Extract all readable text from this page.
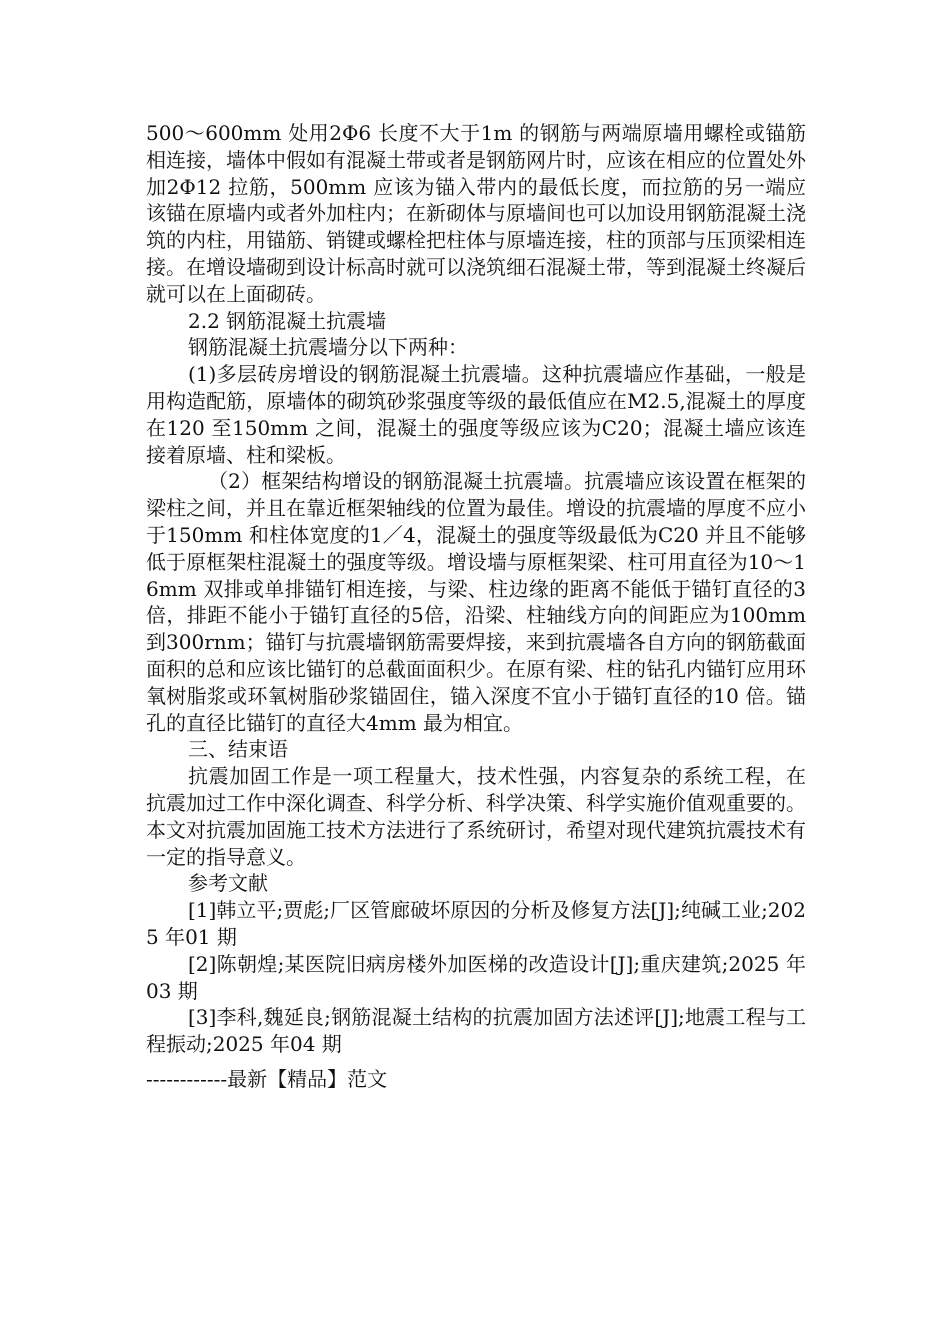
500～600mm 处用2Φ6 长度不大于1m 的钢筋与两端原墙用螺栓或锚筋相连接，墙体中假如有混凝土带或者是钢筋网片时，应该在相应的位置处外加2Φ12 拉筋，500mm 应该为锚入带内的最低长度，而拉筋的另一端应该锚在原墙内或者外加柱内；在新砌体与原墙间也可以加设用钢筋混凝土浇筑的内柱，用锚筋、销键或螺栓把柱体与原墙连接，柱的顶部与压顶梁相连接。在增设墙砌到设计标高时就可以浇筑细石混凝土带，等到混凝土终凝后就可以在上面砌砖。

2.2 钢筋混凝土抗震墙

钢筋混凝土抗震墙分以下两种：

(1)多层砖房增设的钢筋混凝土抗震墙。这种抗震墙应作基础，一般是用构造配筋，原墙体的砌筑砂浆强度等级的最低值应在M2.5,混凝土的厚度在120 至150mm 之间，混凝土的强度等级应该为C20；混凝土墙应该连接着原墙、柱和梁板。

（2）框架结构增设的钢筋混凝土抗震墙。抗震墙应该设置在框架的梁柱之间，并且在靠近框架轴线的位置为最佳。增设的抗震墙的厚度不应小于150mm 和柱体宽度的1／4，混凝土的强度等级最低为C20 并且不能够低于原框架柱混凝土的强度等级。增设墙与原框架梁、柱可用直径为10～16mm 双排或单排锚钉相连接，与梁、柱边缘的距离不能低于锚钉直径的3 倍，排距不能小于锚钉直径的5倍，沿梁、柱轴线方向的间距应为100mm 到300rnm；锚钉与抗震墙钢筋需要焊接，来到抗震墙各自方向的钢筋截面面积的总和应该比锚钉的总截面面积少。在原有梁、柱的钻孔内锚钉应用环氧树脂浆或环氧树脂砂浆锚固住，锚入深度不宜小于锚钉直径的10 倍。锚孔的直径比锚钉的直径大4mm 最为相宜。

三、结束语

抗震加固工作是一项工程量大，技术性强，内容复杂的系统工程，在抗震加过工作中深化调查、科学分析、科学决策、科学实施价值观重要的。本文对抗震加固施工技术方法进行了系统研讨，希望对现代建筑抗震技术有一定的指导意义。

参考文献

[1]韩立平;贾彪;厂区管廊破坏原因的分析及修复方法[J];纯碱工业;2025 年01 期

[2]陈朝煌;某医院旧病房楼外加医梯的改造设计[J];重庆建筑;2025 年03 期

[3]李科,魏延良;钢筋混凝土结构的抗震加固方法述评[J];地震工程与工程振动;2025 年04 期

------------最新【精品】范文
